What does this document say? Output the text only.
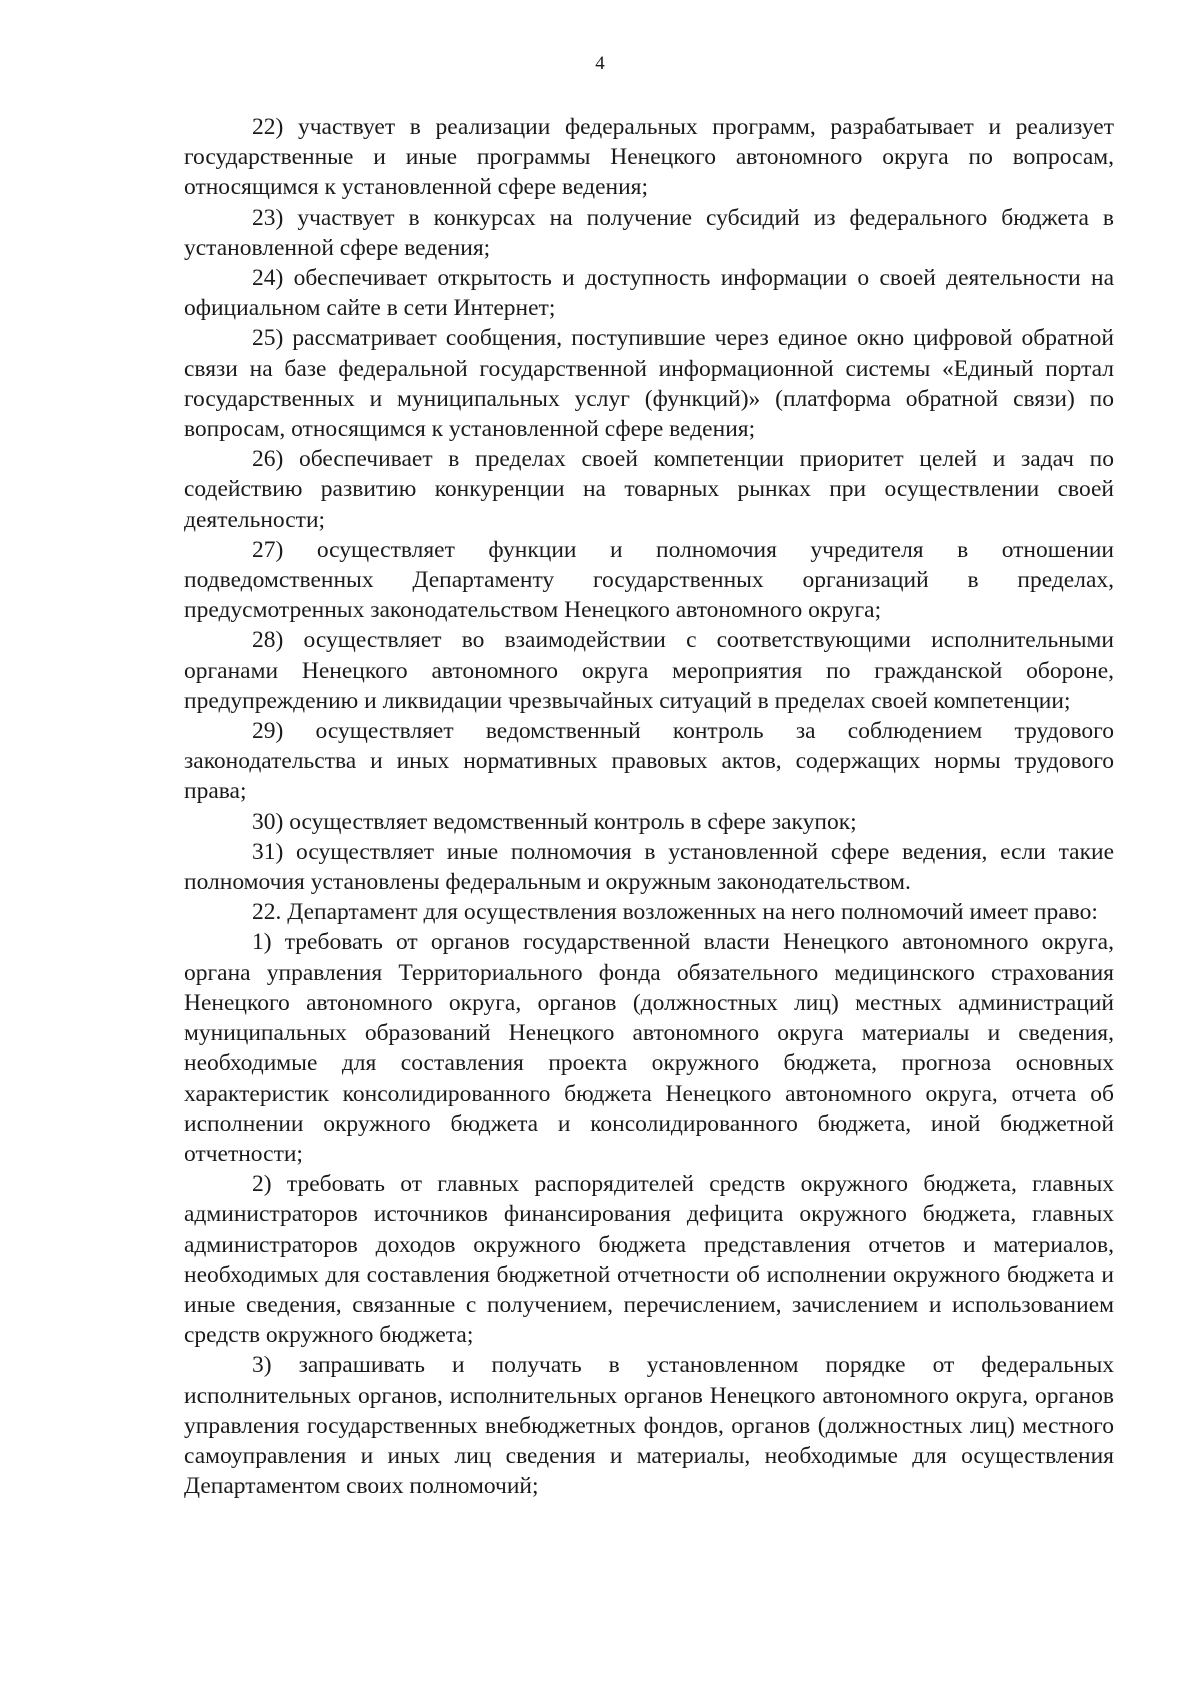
4

22) участвует в реализации федеральных программ, разрабатывает и реализует государственные и иные программы Ненецкого автономного округа по вопросам, относящимся к установленной сфере ведения;

23) участвует в конкурсах на получение субсидий из федерального бюджета в установленной сфере ведения;

24) обеспечивает открытость и доступность информации о своей деятельности на официальном сайте в сети Интернет;

25) рассматривает сообщения, поступившие через единое окно цифровой обратной связи на базе федеральной государственной информационной системы «Единый портал государственных и муниципальных услуг (функций)» (платформа обратной связи) по вопросам, относящимся к установленной сфере ведения;

26) обеспечивает в пределах своей компетенции приоритет целей и задач по содействию развитию конкуренции на товарных рынках при осуществлении своей деятельности;

27) осуществляет функции и полномочия учредителя в отношении подведомственных Департаменту государственных организаций в пределах, предусмотренных законодательством Ненецкого автономного округа;

28) осуществляет во взаимодействии с соответствующими исполнительными органами Ненецкого автономного округа мероприятия по гражданской обороне, предупреждению и ликвидации чрезвычайных ситуаций в пределах своей компетенции;

29) осуществляет ведомственный контроль за соблюдением трудового законодательства и иных нормативных правовых актов, содержащих нормы трудового права;

30) осуществляет ведомственный контроль в сфере закупок;

31) осуществляет иные полномочия в установленной сфере ведения, если такие полномочия установлены федеральным и окружным законодательством.

22. Департамент для осуществления возложенных на него полномочий имеет право:

1) требовать от органов государственной власти Ненецкого автономного округа, органа управления Территориального фонда обязательного медицинского страхования Ненецкого автономного округа, органов (должностных лиц) местных администраций муниципальных образований Ненецкого автономного округа материалы и сведения, необходимые для составления проекта окружного бюджета, прогноза основных характеристик консолидированного бюджета Ненецкого автономного округа, отчета об исполнении окружного бюджета и консолидированного бюджета, иной бюджетной отчетности;

2) требовать от главных распорядителей средств окружного бюджета, главных администраторов источников финансирования дефицита окружного бюджета, главных администраторов доходов окружного бюджета представления отчетов и материалов, необходимых для составления бюджетной отчетности об исполнении окружного бюджета и иные сведения, связанные с получением, перечислением, зачислением и использованием средств окружного бюджета;

3) запрашивать и получать в установленном порядке от федеральных исполнительных органов, исполнительных органов Ненецкого автономного округа, органов управления государственных внебюджетных фондов, органов (должностных лиц) местного самоуправления и иных лиц сведения и материалы, необходимые для осуществления Департаментом своих полномочий;
